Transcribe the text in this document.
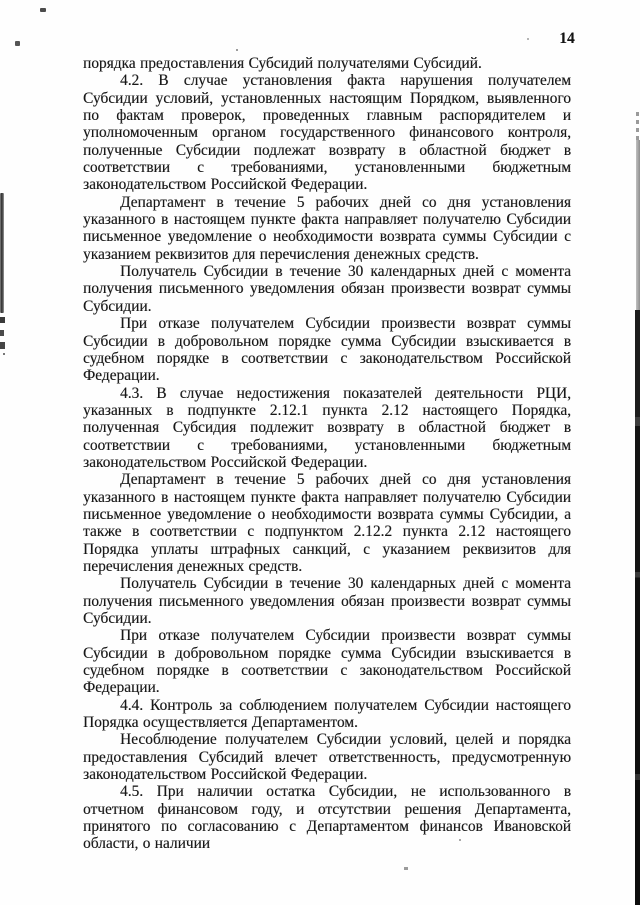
14

порядка предоставления Субсидий получателями Субсидий.

4.2. В случае установления факта нарушения получателем Субсидии условий, установленных настоящим Порядком, выявленного по фактам проверок, проведенных главным распорядителем и уполномоченным органом государственного финансового контроля, полученные Субсидии подлежат возврату в областной бюджет в соответствии с требованиями, установленными бюджетным законодательством Российской Федерации.

Департамент в течение 5 рабочих дней со дня установления указанного в настоящем пункте факта направляет получателю Субсидии письменное уведомление о необходимости возврата суммы Субсидии с указанием реквизитов для перечисления денежных средств.

Получатель Субсидии в течение 30 календарных дней с момента получения письменного уведомления обязан произвести возврат суммы Субсидии.

При отказе получателем Субсидии произвести возврат суммы Субсидии в добровольном порядке сумма Субсидии взыскивается в судебном порядке в соответствии с законодательством Российской Федерации.

4.3. В случае недостижения показателей деятельности РЦИ, указанных в подпункте 2.12.1 пункта 2.12 настоящего Порядка, полученная Субсидия подлежит возврату в областной бюджет в соответствии с требованиями, установленными бюджетным законодательством Российской Федерации.

Департамент в течение 5 рабочих дней со дня установления указанного в настоящем пункте факта направляет получателю Субсидии письменное уведомление о необходимости возврата суммы Субсидии, а также в соответствии с подпунктом 2.12.2 пункта 2.12 настоящего Порядка уплаты штрафных санкций, с указанием реквизитов для перечисления денежных средств.

Получатель Субсидии в течение 30 календарных дней с момента получения письменного уведомления обязан произвести возврат суммы Субсидии.

При отказе получателем Субсидии произвести возврат суммы Субсидии в добровольном порядке сумма Субсидии взыскивается в судебном порядке в соответствии с законодательством Российской Федерации.

4.4. Контроль за соблюдением получателем Субсидии настоящего Порядка осуществляется Департаментом.

Несоблюдение получателем Субсидии условий, целей и порядка предоставления Субсидий влечет ответственность, предусмотренную законодательством Российской Федерации.

4.5. При наличии остатка Субсидии, не использованного в отчетном финансовом году, и отсутствии решения Департамента, принятого по согласованию с Департаментом финансов Ивановской области, о наличии
